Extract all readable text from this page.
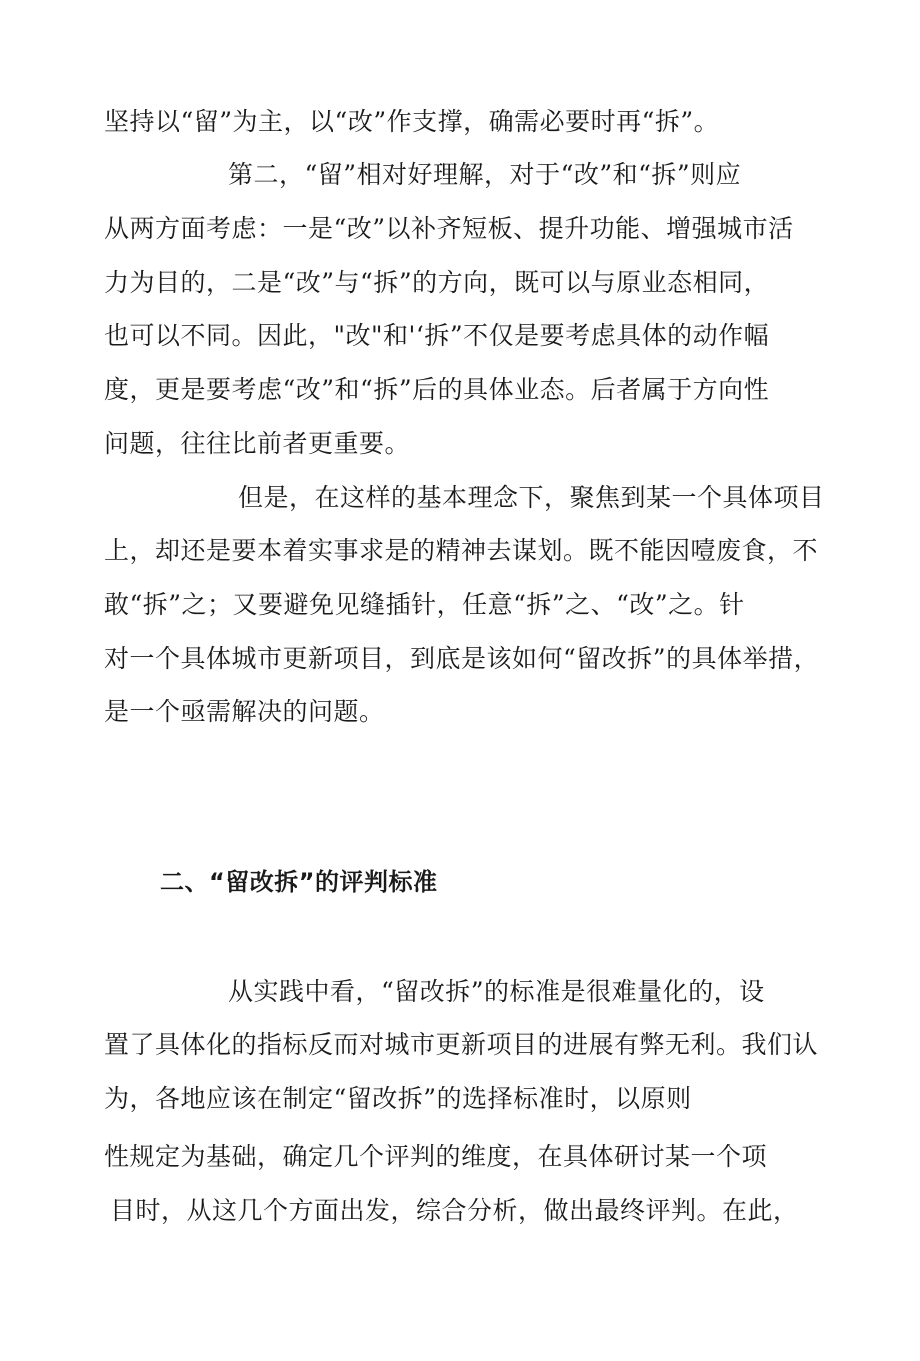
坚持以“留”为主，以“改”作支撑，确需必要时再“拆”。
第二，“留”相对好理解，对于“改”和“拆”则应
从两方面考虑：一是“改”以补齐短板、提升功能、增强城市活
力为目的，二是“改”与“拆”的方向，既可以与原业态相同，
也可以不同。因此，"改"和'‘拆”不仅是要考虑具体的动作幅
度，更是要考虑“改”和“拆”后的具体业态。后者属于方向性
问题，往往比前者更重要。
但是，在这样的基本理念下，聚焦到某一个具体项目
上，却还是要本着实事求是的精神去谋划。既不能因噎废食，不
敢“拆”之；又要避免见缝插针，任意“拆”之、“改”之。针
对一个具体城市更新项目，到底是该如何“留改拆”的具体举措，
是一个亟需解决的问题。
二、“留改拆”的评判标准
从实践中看，“留改拆”的标准是很难量化的，设
置了具体化的指标反而对城市更新项目的进展有弊无利。我们认
为，各地应该在制定“留改拆”的选择标准时，以原则
性规定为基础，确定几个评判的维度，在具体研讨某一个项
目时，从这几个方面出发，综合分析，做出最终评判。在此，
